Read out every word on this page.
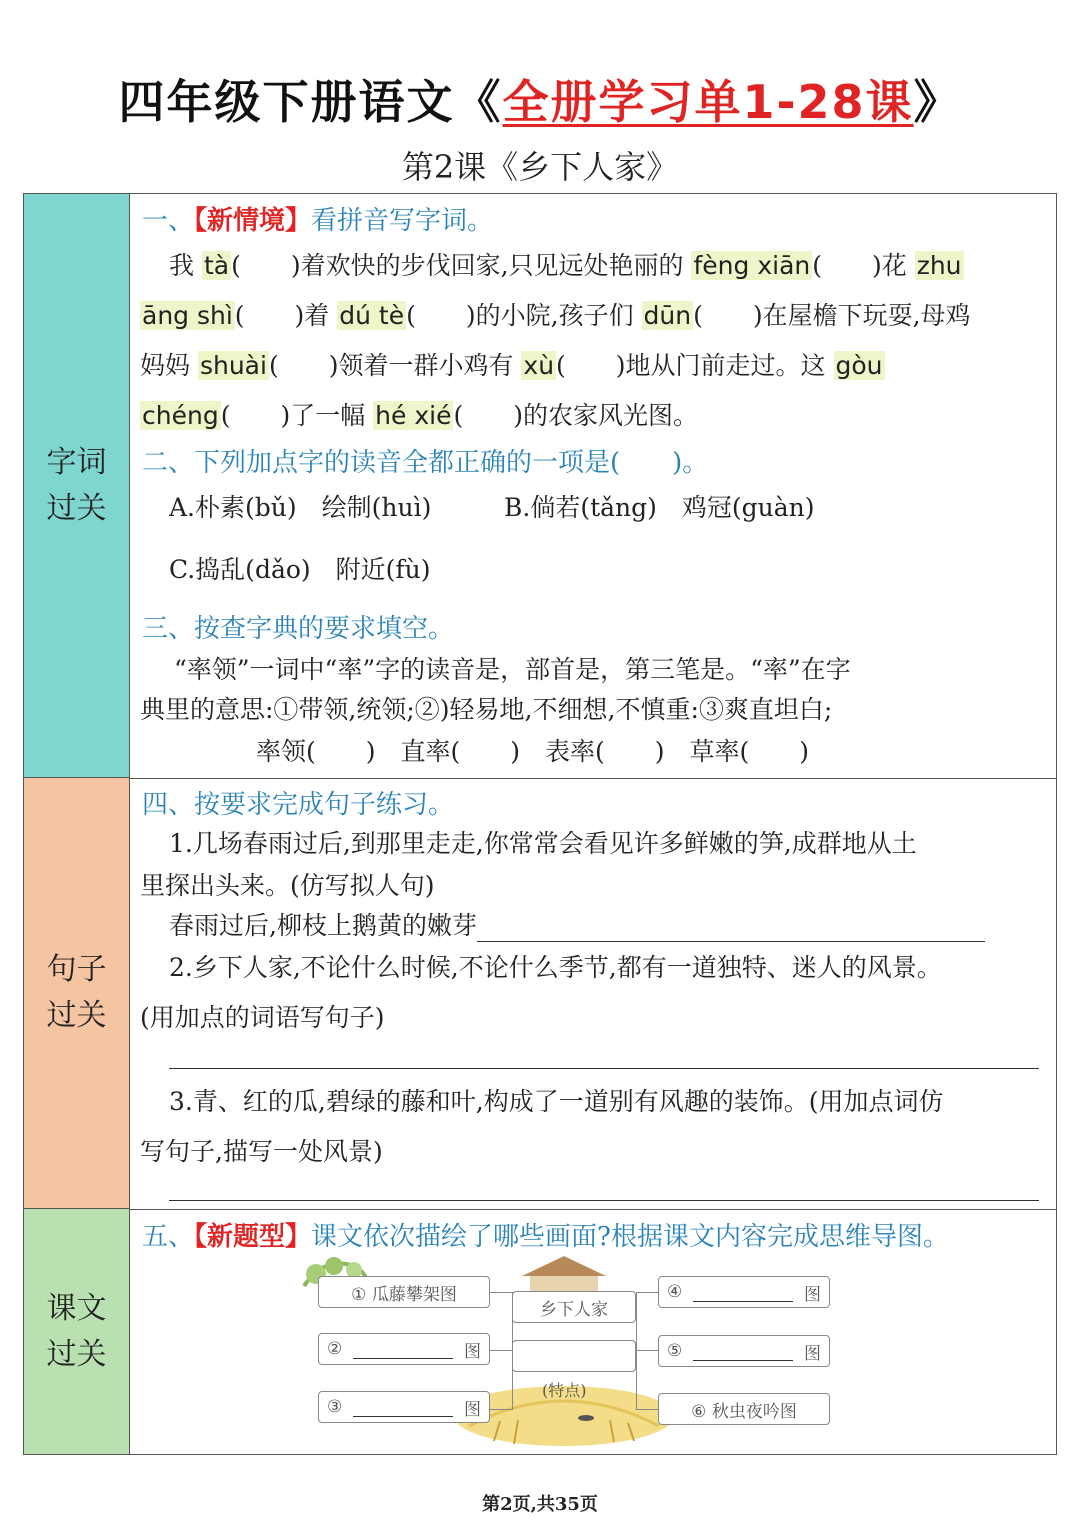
四年级下册语文《全册学习单1-28课》
第2课《乡下人家》
字词过关
句子过关
课文过关
一、【新情境】看拼音写字词。
我 tà(　　)着欢快的步伐回家,只见远处艳丽的 fèng xiān(　　)花 zhu
āng shì(　　)着 dú tè(　　)的小院,孩子们 dūn(　　)在屋檐下玩耍,母鸡
妈妈 shuài(　　)领着一群小鸡有 xù(　　)地从门前走过。这 gòu
chéng(　　)了一幅 hé xié(　　)的农家风光图。
二、下列加点字的读音全都正确的一项是(　　)。
A.朴素(bǔ)　绘制(huì)	B.倘若(tǎng)　鸡冠(guàn)
C.捣乱(dǎo)　附近(fù)
三、按查字典的要求填空。
“率领”一词中“率”字的读音是，部首是，第三笔是。“率”在字
典里的意思:①带领,统领;②)轻易地,不细想,不慎重:③爽直坦白;
率领(　　)　直率(　　)　表率(　　)　草率(　　)
四、按要求完成句子练习。
1.几场春雨过后,到那里走走,你常常会看见许多鲜嫩的笋,成群地从土
里探出头来。(仿写拟人句)
春雨过后,柳枝上鹅黄的嫩芽
2.乡下人家,不论什么时候,不论什么季节,都有一道独特、迷人的风景。
(用加点的词语写句子)
3.青、红的瓜,碧绿的藤和叶,构成了一道别有风趣的装饰。(用加点词仿
写句子,描写一处风景)
五、【新题型】课文依次描绘了哪些画面?根据课文内容完成思维导图。
① 瓜藤攀架图
②	图
③	图
乡下人家
(特点)
④	图
⑤	图
⑥ 秋虫夜吟图
第2页,共35页
